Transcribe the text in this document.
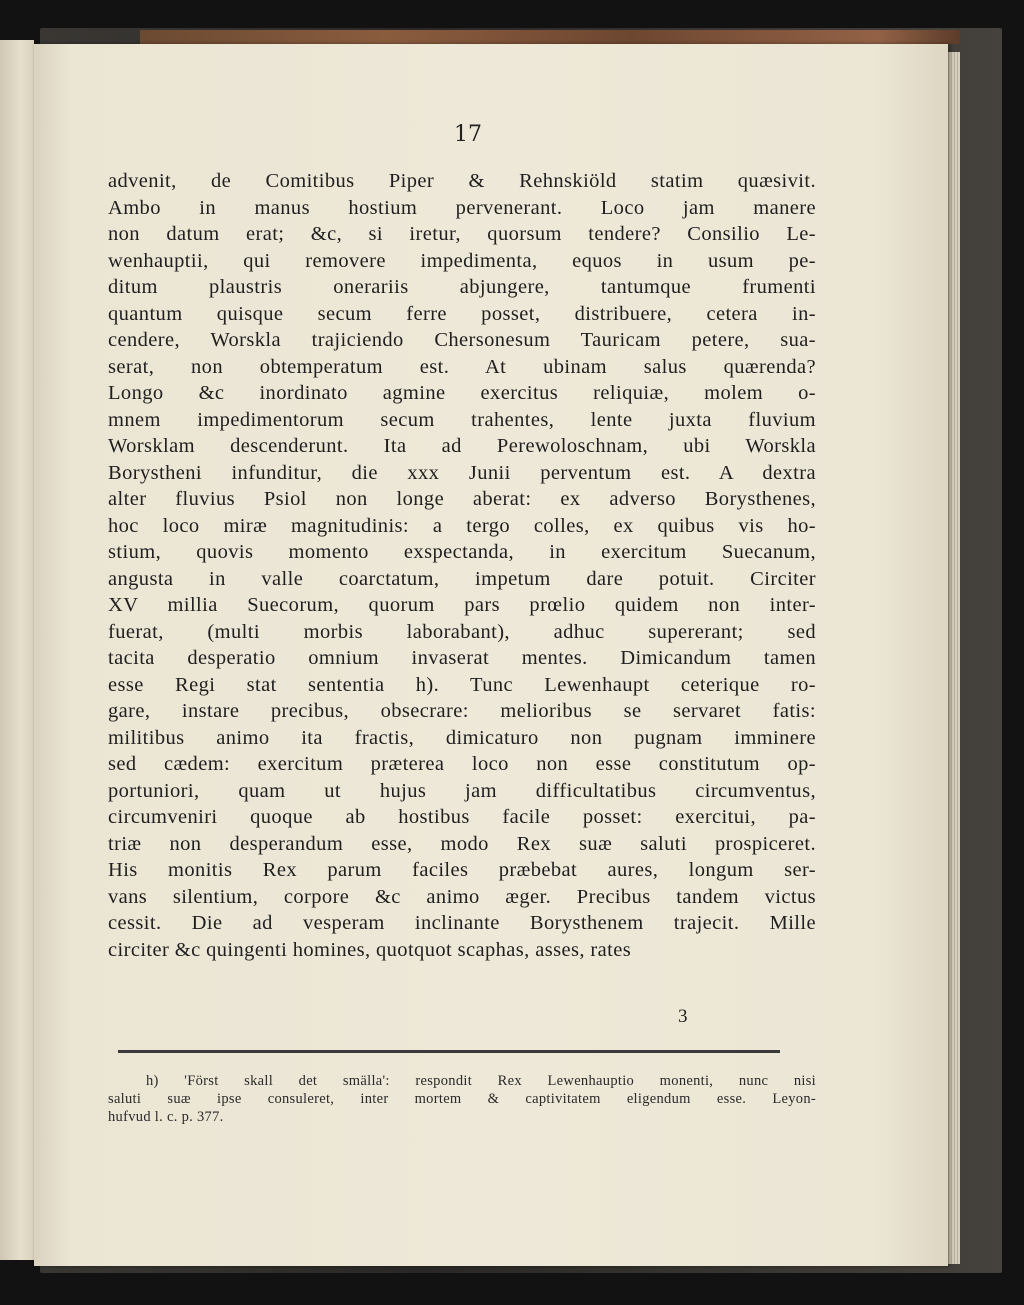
17
advenit, de Comitibus Piper & Rehnskiöld statim quæsivit.
Ambo in manus hostium pervenerant. Loco jam manere
non datum erat; &c, si iretur, quorsum tendere? Consilio Le-
wenhauptii, qui removere impedimenta, equos in usum pe-
ditum plaustris onerariis abjungere, tantumque frumenti
quantum quisque secum ferre posset, distribuere, cetera in-
cendere, Worskla trajiciendo Chersonesum Tauricam petere, sua-
serat, non obtemperatum est. At ubinam salus quærenda?
Longo &c inordinato agmine exercitus reliquiæ, molem o-
mnem impedimentorum secum trahentes, lente juxta fluvium
Worsklam descenderunt. Ita ad Perewoloschnam, ubi Worskla
Borysthenі infunditur, die xxx Junii perventum est. A dextra
alter fluvius Psiol non longe aberat: ex adverso Borysthenes,
hoc loco miræ magnitudinis: a tergo colles, ex quibus vis ho-
stium, quovis momento exspectanda, in exercitum Suecanum,
angusta in valle coarctatum, impetum dare potuit. Circiter
XV millia Suecorum, quorum pars prœlio quidem non inter-
fuerat, (multi morbis laborabant), adhuc supererant; sed
tacita desperatio omnium invaserat mentes. Dimicandum tamen
esse Regi stat sententia h). Tunc Lewenhaupt ceterique ro-
gare, instare precibus, obsecrare: melioribus se servaret fatis:
militibus animo ita fractis, dimicaturo non pugnam imminere
sed cædem: exercitum præterea loco non esse constitutum op-
portuniori, quam ut hujus jam difficultatibus circumventus,
circumveniri quoque ab hostibus facile posset: exercitui, pa-
triæ non desperandum esse, modo Rex suæ saluti prospiceret.
His monitis Rex parum faciles præbebat aures, longum ser-
vans silentium, corpore &c animo æger. Precibus tandem victus
cessit. Die ad vesperam inclinante Borysthenem trajecit. Mille
circiter &c quingenti homines, quotquot scaphas, asses, rates
3
h) 'Först skall det smälla': respondit Rex Lewenhauptio monenti, nunc nisi
saluti suæ ipse consuleret, inter mortem & captivitatem eligendum esse. Leyon-
hufvud l. c. p. 377.
